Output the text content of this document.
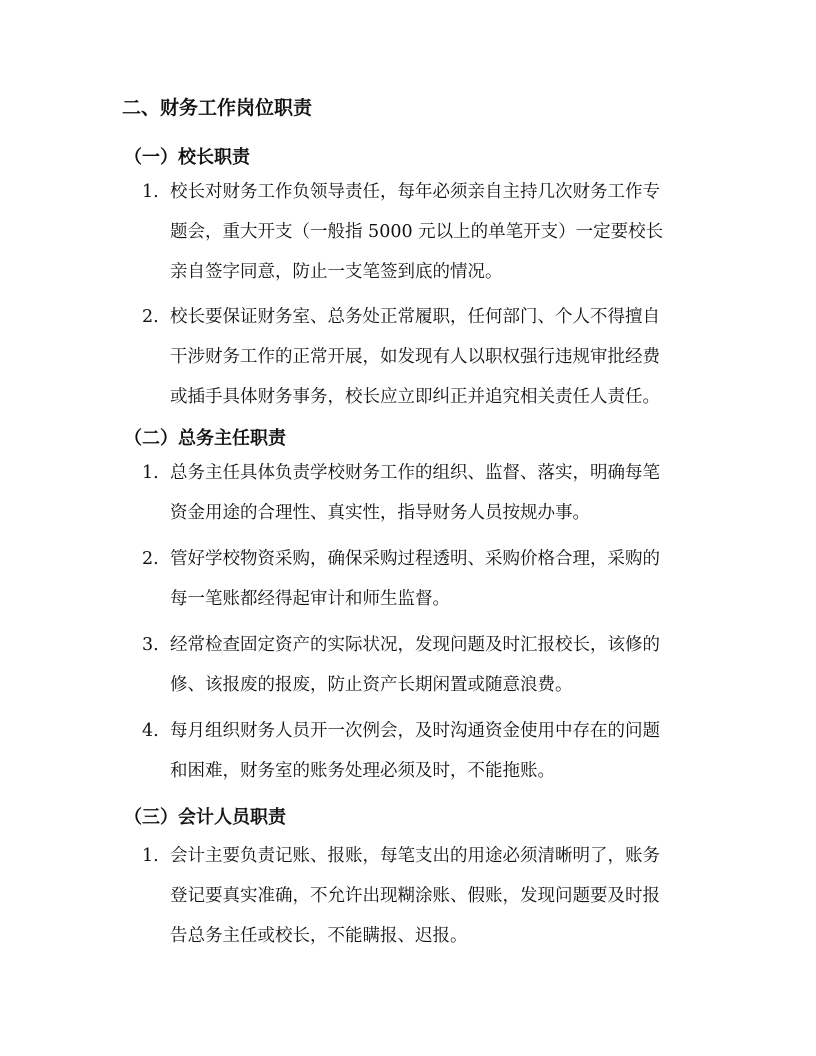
二、财务工作岗位职责
（一）校长职责
1. 校长对财务工作负领导责任，每年必须亲自主持几次财务工作专
题会，重大开支（一般指 5000 元以上的单笔开支）一定要校长
亲自签字同意，防止一支笔签到底的情况。
2. 校长要保证财务室、总务处正常履职，任何部门、个人不得擅自
干涉财务工作的正常开展，如发现有人以职权强行违规审批经费
或插手具体财务事务，校长应立即纠正并追究相关责任人责任。
（二）总务主任职责
1. 总务主任具体负责学校财务工作的组织、监督、落实，明确每笔
资金用途的合理性、真实性，指导财务人员按规办事。
2. 管好学校物资采购，确保采购过程透明、采购价格合理，采购的
每一笔账都经得起审计和师生监督。
3. 经常检查固定资产的实际状况，发现问题及时汇报校长，该修的
修、该报废的报废，防止资产长期闲置或随意浪费。
4. 每月组织财务人员开一次例会，及时沟通资金使用中存在的问题
和困难，财务室的账务处理必须及时，不能拖账。
（三）会计人员职责
1. 会计主要负责记账、报账，每笔支出的用途必须清晰明了，账务
登记要真实准确，不允许出现糊涂账、假账，发现问题要及时报
告总务主任或校长，不能瞒报、迟报。
